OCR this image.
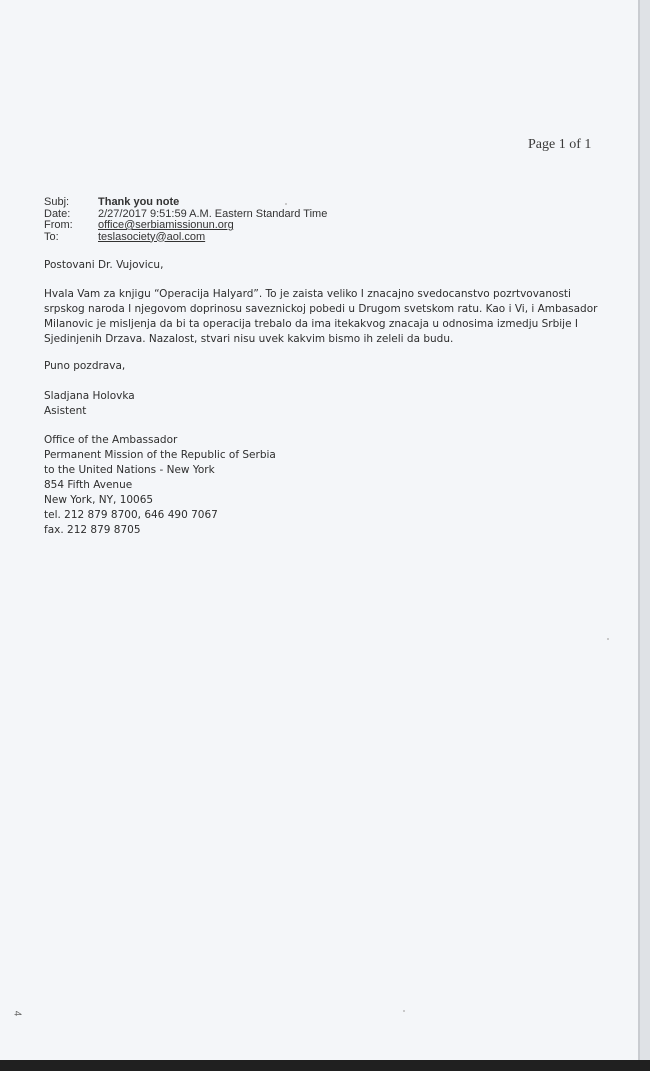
Page 1 of 1
Subj:	Thank you note
Date:	2/27/2017 9:51:59 A.M. Eastern Standard Time
From:	office@serbiamissionun.org
To:	teslasociety@aol.com

Postovani Dr. Vujovicu,

Hvala Vam za knjigu “Operacija Halyard”. To je zaista veliko I znacajno svedocanstvo pozrtvovanosti srpskog naroda I njegovom doprinosu saveznickoj pobedi u Drugom svetskom ratu. Kao i Vi, i Ambasador Milanovic je misljenja da bi ta operacija trebalo da ima itekakvog znacaja u odnosima izmedju Srbije I Sjedinjenih Drzava. Nazalost, stvari nisu uvek kakvim bismo ih zeleli da budu.

Puno pozdrava,

Sladjana Holovka

Asistent

Office of the Ambassador

Permanent Mission of the Republic of Serbia

to the United Nations - New York

854 Fifth Avenue

New York, NY, 10065

tel. 212 879 8700, 646 490 7067

fax. 212 879 8705

4
